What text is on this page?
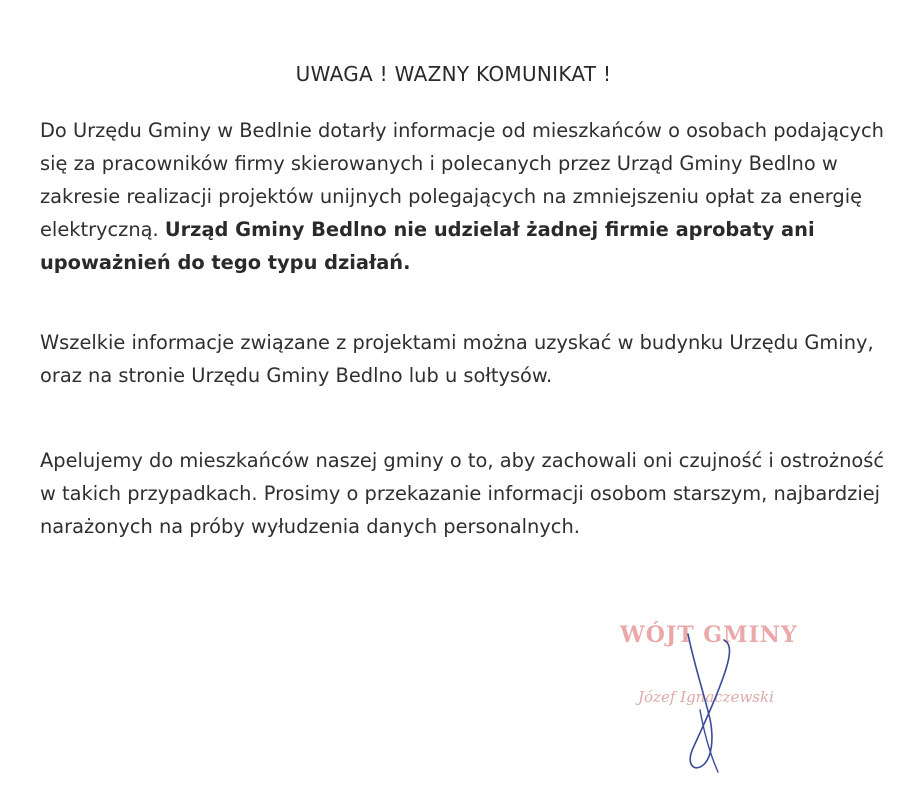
UWAGA ! WAZNY KOMUNIKAT !

Do Urzędu Gminy w Bedlnie dotarły informacje od mieszkańców o osobach podających się za pracowników firmy skierowanych i polecanych przez Urząd Gminy Bedlno w zakresie realizacji projektów unijnych polegających na zmniejszeniu opłat za energię elektryczną. Urząd Gminy Bedlno nie udzielał żadnej firmie aprobaty ani upoważnień do tego typu działań.

Wszelkie informacje związane z projektami można uzyskać w budynku Urzędu Gminy, oraz na stronie Urzędu Gminy Bedlno lub u sołtysów.

Apelujemy do mieszkańców naszej gminy o to, aby zachowali oni czujność i ostrożność w takich przypadkach. Prosimy o przekazanie informacji osobom starszym, najbardziej narażonych na próby wyłudzenia danych personalnych.

WÓJT GMINY
Józef Ignaczewski
